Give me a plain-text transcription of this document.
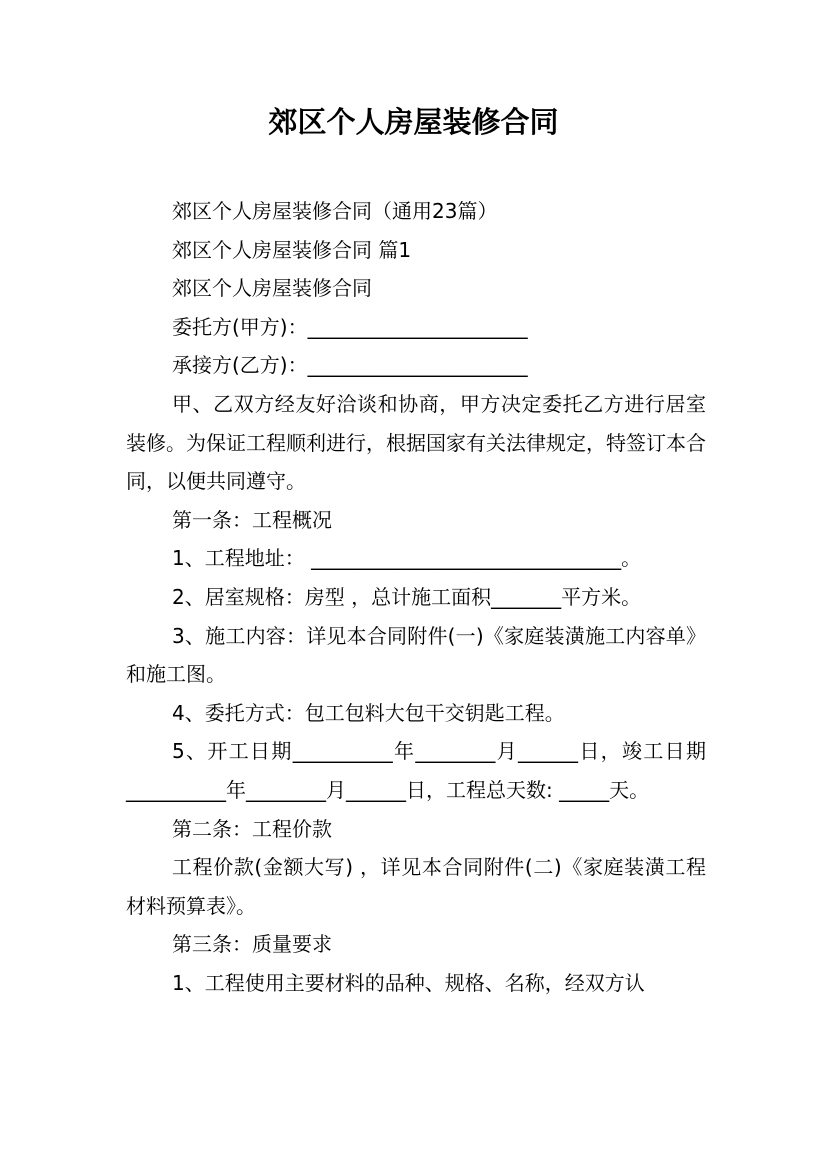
郊区个人房屋装修合同

郊区个人房屋装修合同（通用23篇）

郊区个人房屋装修合同 篇1

郊区个人房屋装修合同

委托方(甲方)：______________________

承接方(乙方)：______________________

甲、乙双方经友好洽谈和协商，甲方决定委托乙方进行居室装修。为保证工程顺利进行，根据国家有关法律规定，特签订本合同，以便共同遵守。

第一条：工程概况

1、工程地址： _______________________________。

2、居室规格：房型 ，总计施工面积_______平方米。

3、施工内容：详见本合同附件(一)《家庭装潢施工内容单》和施工图。

4、委托方式：包工包料大包干交钥匙工程。

5、开工日期__________年________月______日，竣工日期__________年________月______日，工程总天数: _____天。

第二条：工程价款

工程价款(金额大写) ，详见本合同附件(二)《家庭装潢工程材料预算表》。

第三条：质量要求

1、工程使用主要材料的品种、规格、名称，经双方认
